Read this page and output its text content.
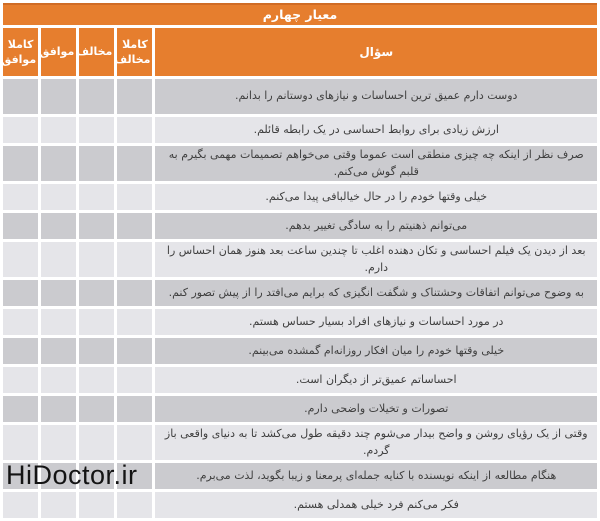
معیار چهارم				
سؤال	کاملا مخالف	مخالف	موافق	کاملا موافق
دوست دارم عمیق ترین احساسات و نیازهای دوستانم را بدانم.				
ارزش زیادی برای روابط احساسی در یک رابطه قائلم.				
صرف نظر از اینکه چه چیزی منطقی است عموما وقتی می‌خواهم تصمیمات مهمی بگیرم به قلبم گوش می‌کنم.				
خیلی وقتها خودم را در حال خیالبافی پیدا می‌کنم.				
می‌توانم ذهنیتم را به سادگی تغییر بدهم.				
بعد از دیدن یک فیلم احساسی و تکان دهنده اغلب تا چندین ساعت بعد هنوز همان احساس را دارم.				
به وضوح می‌توانم اتفاقات وحشتناک و شگفت انگیزی که برایم می‌افتد را از پیش تصور کنم.				
در مورد احساسات و نیازهای افراد بسیار حساس هستم.				
خیلی وقتها خودم را میان افکار روزانه‌ام گمشده می‌بینم.				
احساساتم عمیق‌تر از دیگران است.				
تصورات و تخیلات واضحی دارم.				
وقتی از یک رؤیای روشن و واضح بیدار می‌شوم چند دقیقه طول می‌کشد تا به دنیای واقعی باز گردم.				
هنگام مطالعه از اینکه نویسنده با کنایه جمله‌ای پرمعنا و زیبا بگوید، لذت می‌برم.				
فکر می‌کنم فرد خیلی همدلی هستم.				
HiDoctor.ir
